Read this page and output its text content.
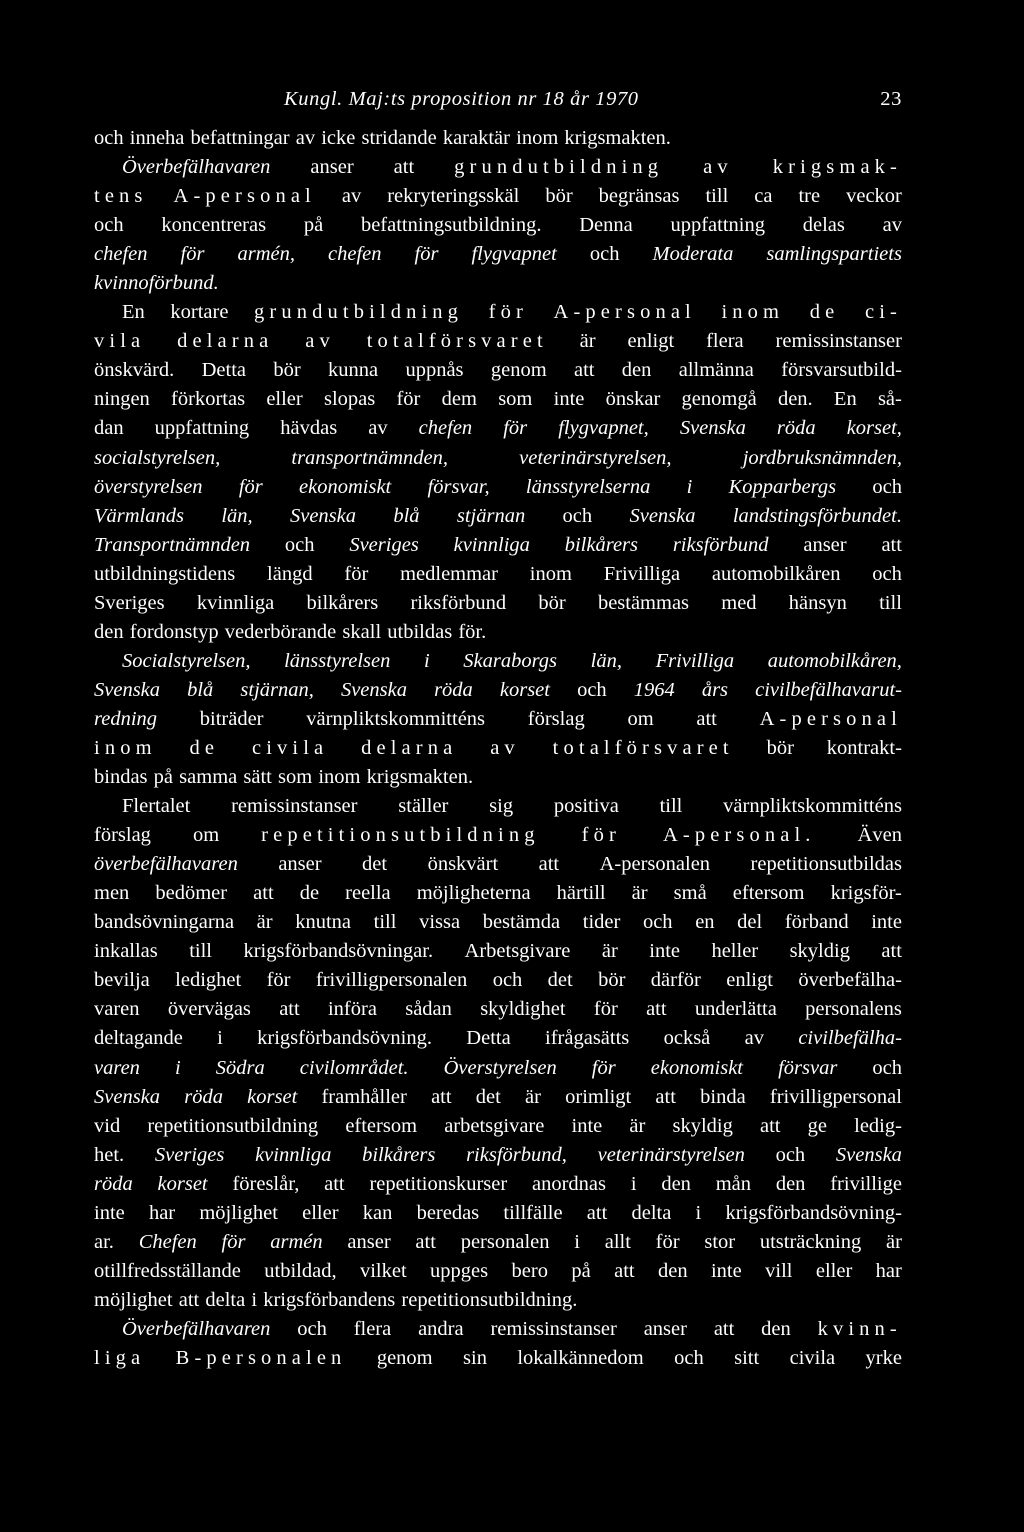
Kungl. Maj:ts proposition nr 18 år 1970	23
och inneha befattningar av icke stridande karaktär inom krigsmakten.
Överbefälhavaren anser att grundutbildning av krigsmak-
tens A-personal av rekryteringsskäl bör begränsas till ca tre veckor
och koncentreras på befattningsutbildning. Denna uppfattning delas av
chefen för armén, chefen för flygvapnet och Moderata samlingspartiets
kvinnoförbund.
En kortare grundutbildning för A-personal inom de ci-
vila delarna av totalförsvaret är enligt flera remissinstanser
önskvärd. Detta bör kunna uppnås genom att den allmänna försvarsutbild-
ningen förkortas eller slopas för dem som inte önskar genomgå den. En så-
dan uppfattning hävdas av chefen för flygvapnet, Svenska röda korset,
socialstyrelsen,	transportnämnden,	veterinärstyrelsen,	jordbruksnämnden,
överstyrelsen för ekonomiskt försvar, länsstyrelserna i Kopparbergs och
Värmlands län, Svenska blå stjärnan och Svenska landstingsförbundet.
Transportnämnden och Sveriges kvinnliga bilkårers riksförbund anser att
utbildningstidens längd för medlemmar inom Frivilliga automobilkåren och
Sveriges kvinnliga bilkårers riksförbund bör bestämmas med hänsyn till
den fordonstyp vederbörande skall utbildas för.
Socialstyrelsen, länsstyrelsen i Skaraborgs län, Frivilliga automobilkåren,
Svenska blå stjärnan, Svenska röda korset och 1964 års civilbefälhavarut-
redning biträder värnpliktskommitténs förslag om att A-personal
inom de civila delarna av totalförsvaret bör kontrakt-
bindas på samma sätt som inom krigsmakten.
Flertalet remissinstanser ställer sig positiva till värnpliktskommitténs
förslag om repetitionsutbildning för A-personal. Även
överbefälhavaren anser det önskvärt att A-personalen repetitionsutbildas
men bedömer att de reella möjligheterna härtill är små eftersom krigsför-
bandsövningarna är knutna till vissa bestämda tider och en del förband inte
inkallas till krigsförbandsövningar. Arbetsgivare är inte heller skyldig att
bevilja ledighet för frivilligpersonalen och det bör därför enligt överbefälha-
varen övervägas att införa sådan skyldighet för att underlätta personalens
deltagande i krigsförbandsövning. Detta ifrågasätts också av civilbefälha-
varen i Södra civilområdet. Överstyrelsen för ekonomiskt försvar och
Svenska röda korset framhåller att det är orimligt att binda frivilligpersonal
vid repetitionsutbildning eftersom arbetsgivare inte är skyldig att ge ledig-
het. Sveriges kvinnliga bilkårers riksförbund, veterinärstyrelsen och Svenska
röda korset föreslår, att repetitionskurser anordnas i den mån den frivillige
inte har möjlighet eller kan beredas tillfälle att delta i krigsförbandsövning-
ar. Chefen för armén anser att personalen i allt för stor utsträckning är
otillfredsställande utbildad, vilket uppges bero på att den inte vill eller har
möjlighet att delta i krigsförbandens repetitionsutbildning.
Överbefälhavaren och flera andra remissinstanser anser att den kvinn-
liga B-personalen genom sin lokalkännedom och sitt civila yrke
